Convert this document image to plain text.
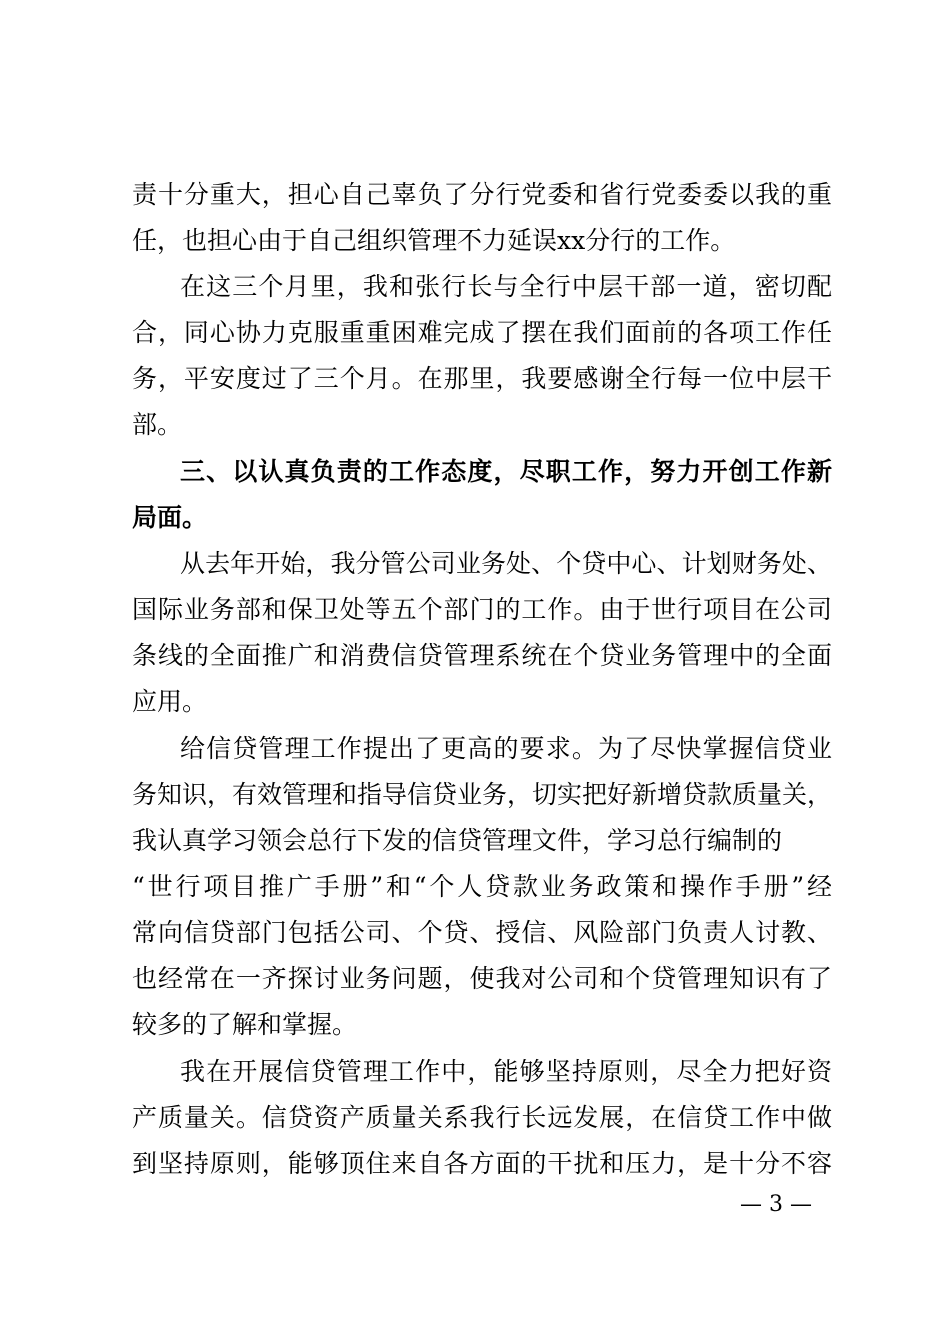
责十分重大，担心自己辜负了分行党委和省行党委委以我的重
任，也担心由于自己组织管理不力延误xx分行的工作。
在这三个月里，我和张行长与全行中层干部一道，密切配
合，同心协力克服重重困难完成了摆在我们面前的各项工作任
务，平安度过了三个月。在那里，我要感谢全行每一位中层干
部。
三、以认真负责的工作态度，尽职工作，努力开创工作新
局面。
从去年开始，我分管公司业务处、个贷中心、计划财务处、
国际业务部和保卫处等五个部门的工作。由于世行项目在公司
条线的全面推广和消费信贷管理系统在个贷业务管理中的全面
应用。
给信贷管理工作提出了更高的要求。为了尽快掌握信贷业
务知识，有效管理和指导信贷业务，切实把好新增贷款质量关，
我认真学习领会总行下发的信贷管理文件，学习总行编制的
“世行项目推广手册”和“个人贷款业务政策和操作手册”经
常向信贷部门包括公司、个贷、授信、风险部门负责人讨教、
也经常在一齐探讨业务问题，使我对公司和个贷管理知识有了
较多的了解和掌握。
我在开展信贷管理工作中，能够坚持原则，尽全力把好资
产质量关。信贷资产质量关系我行长远发展，在信贷工作中做
到坚持原则，能够顶住来自各方面的干扰和压力，是十分不容
— 3 —
